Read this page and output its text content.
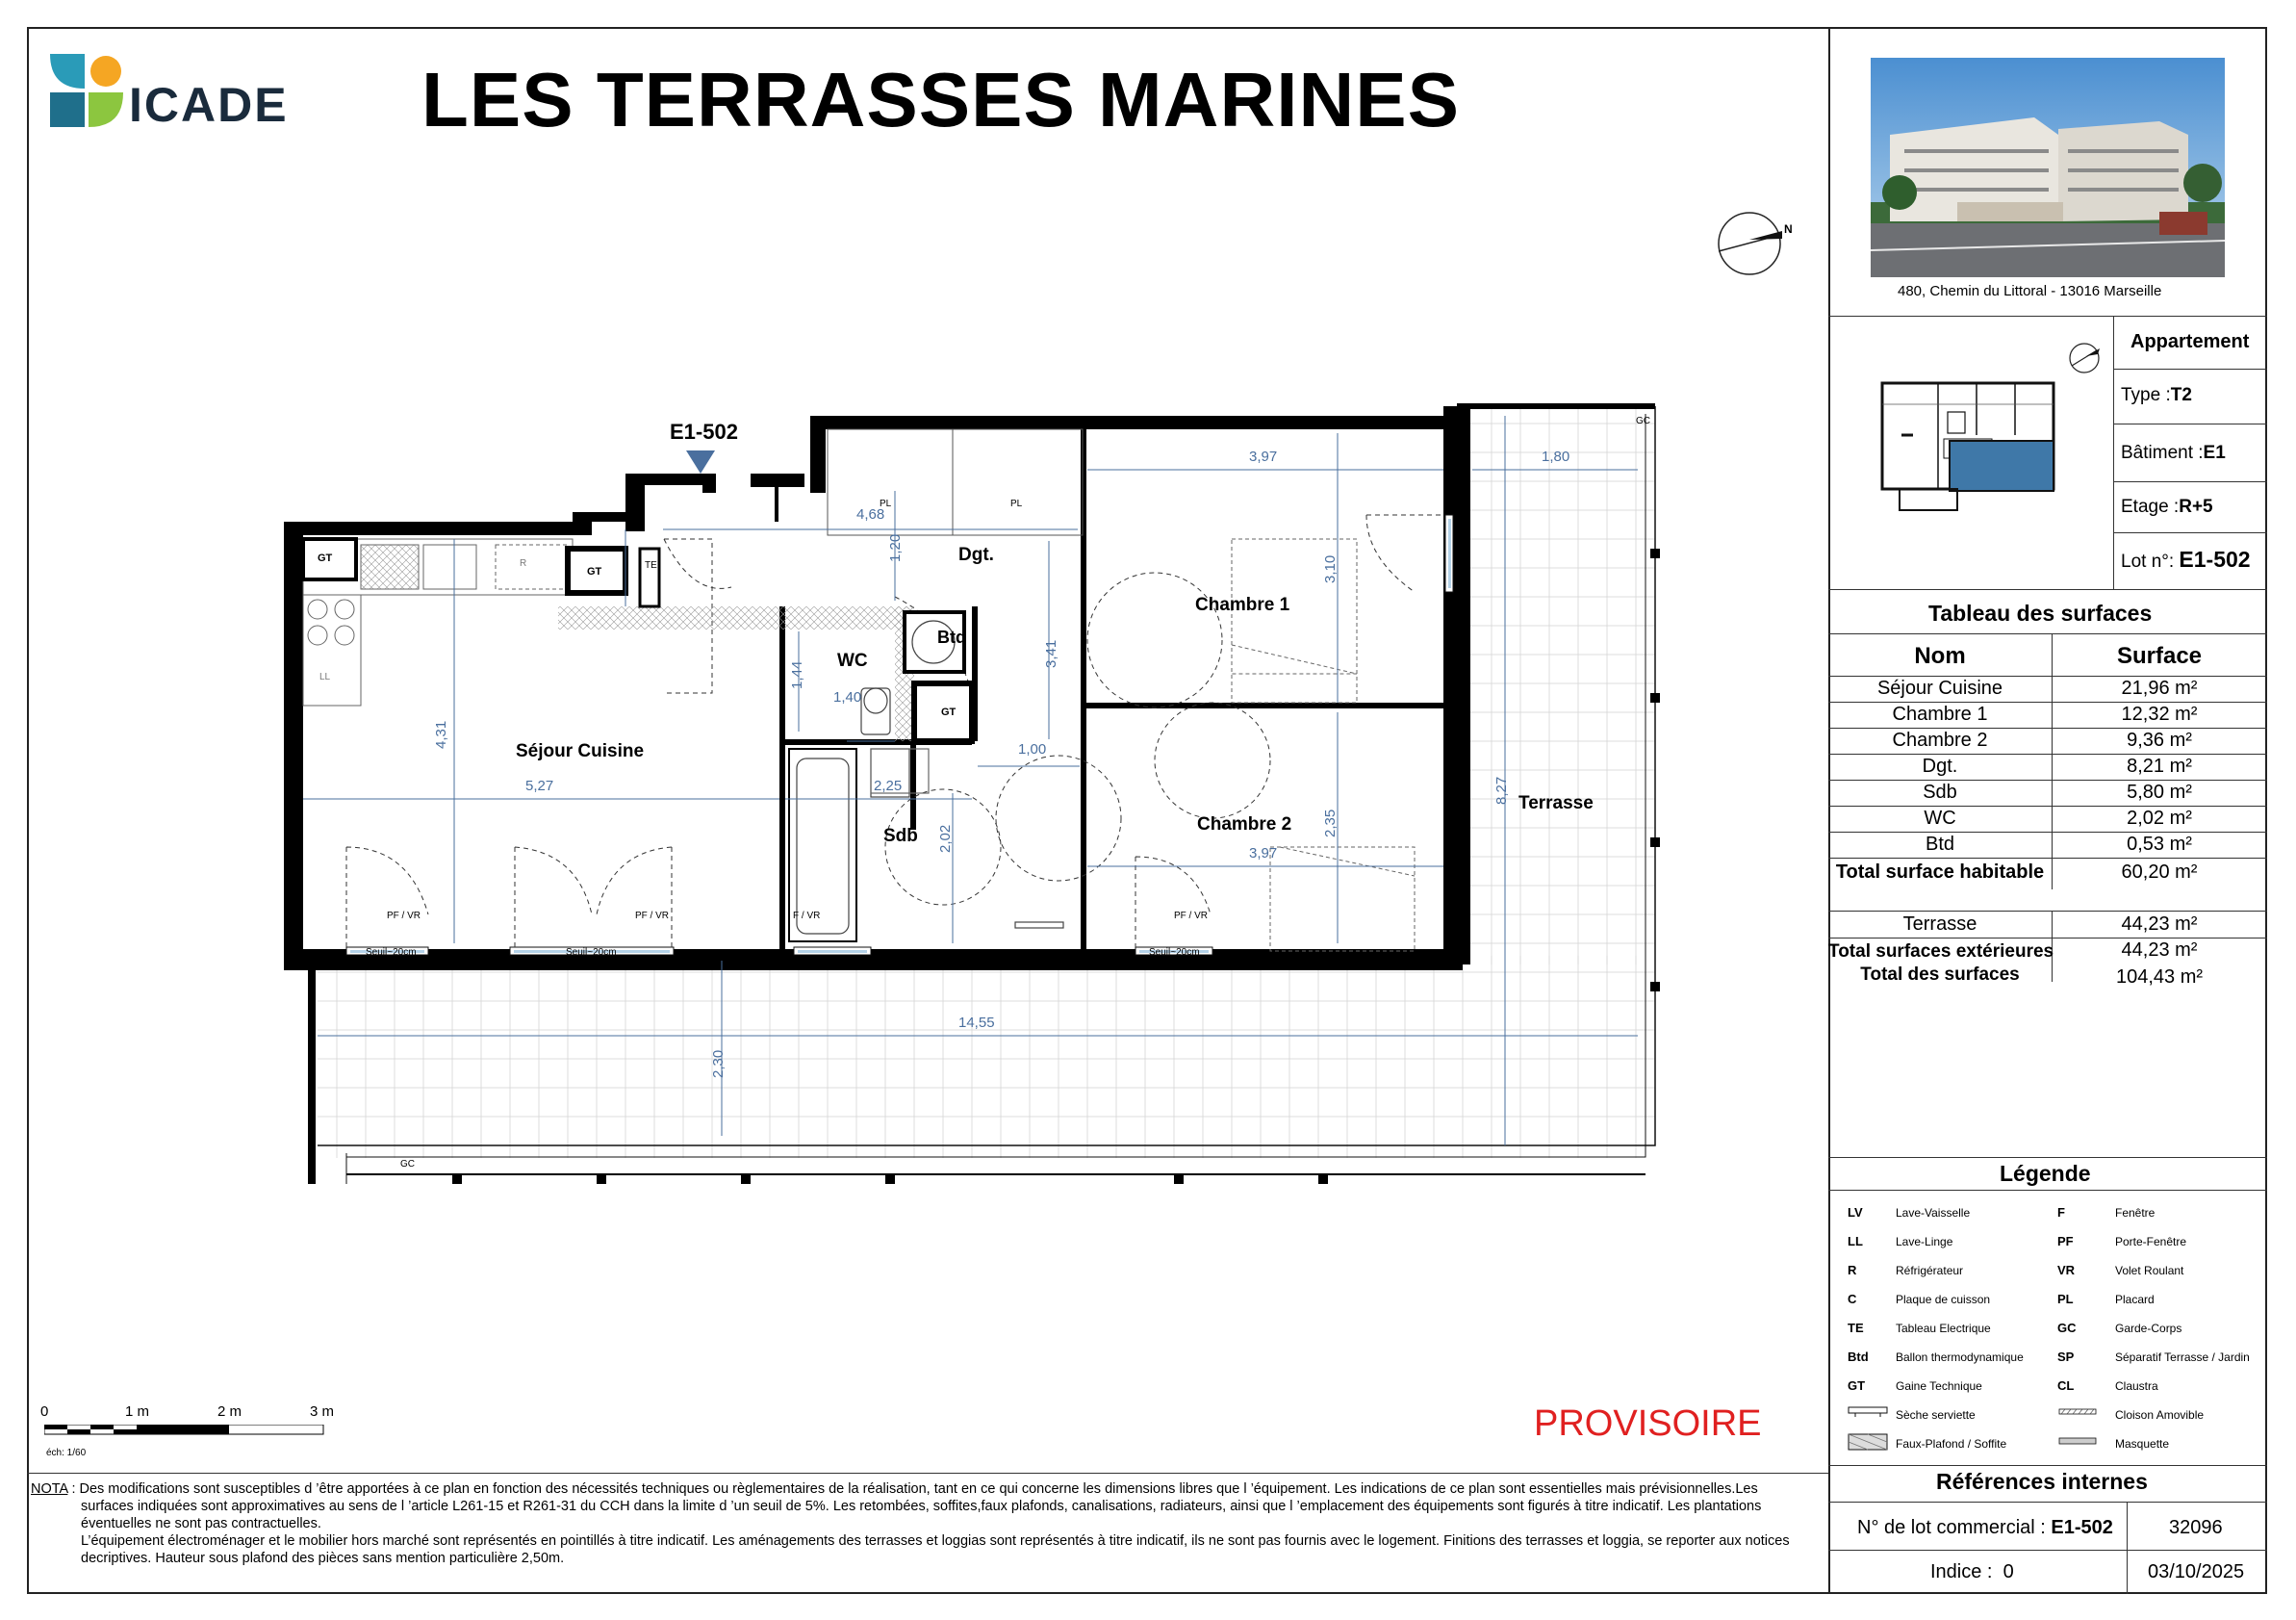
ICADE LES TERRASSES MARINES
N
480, Chemin du Littoral - 13016 Marseille
Appartement
Type :T2
Bâtiment :E1
Etage :R+5
Lot n°: E1-502
Tableau des surfaces
Nom	Surface
Séjour Cuisine	21,96 m²
Chambre 1	12,32 m²
Chambre 2	9,36 m²
Dgt.	8,21 m²
Sdb	5,80 m²
WC	2,02 m²
Btd	0,53 m²
Total surface habitable	60,20 m²
Terrasse	44,23 m²
Total surfaces extérieures	44,23 m²
Total des surfaces	104,43 m²
Légende
LV	Lave-Vaisselle
LL	Lave-Linge
R	Réfrigérateur
C	Plaque de cuisson
TE	Tableau Electrique
Btd Ballon thermodynamique
GT	Gaine Technique
Sèche serviette
Faux-Plafond / Soffite
F	Fenêtre
PF	Porte-Fenêtre
VR	Volet Roulant
PL	Placard
GC	Garde-Corps
SP	Séparatif Terrasse / Jardin
CL	Claustra
Cloison Amovible
Masquette
Références internes
N° de lot commercial : E1-502	32096
Indice : 0	03/10/2025
E1-502
Dgt.
Chambre 1
Chambre 2
Séjour Cuisine
WC
Btd
Sdb
Terrasse
4,68
3,97	1,80
1,20
3,10
3,41
1,44
1,40
4,31
5,27	2,25
1,00
2,02
2,35
3,97
8,27
14,55
2,30
GT
GT
GT
PL	PL
R
LL
TE
GC
GC
PF / VR	PF / VR	PF / VR
F / VR
Seuil~20cm	Seuil~20cm	Seuil~20cm
0	1 m	2 m	3 m
éch: 1/60
PROVISOIRE
NOTA : Des modifications sont susceptibles d ’être apportées à ce plan en fonction des nécessités techniques ou règlementaires de la réalisation, tant en ce qui concerne les dimensions libres que l ’équipement. Les indications de ce plan sont essentielles mais prévisionnelles.Les surfaces indiquées sont approximatives au sens de l ’article L261-15 et R261-31 du CCH dans la limite d ’un seuil de 5%. Les retombées, soffites,faux plafonds, canalisations, radiateurs, ainsi que l ’emplacement des équipements sont figurés à titre indicatif. Les plantations éventuelles ne sont pas contractuelles.
L’équipement électroménager et le mobilier hors marché sont représentés en pointillés à titre indicatif. Les aménagements des terrasses et loggias sont représentés à titre indicatif, ils ne sont pas fournis avec le logement. Finitions des terrasses et loggia, se reporter aux notices decriptives. Hauteur sous plafond des pièces sans mention particulière 2,50m.
